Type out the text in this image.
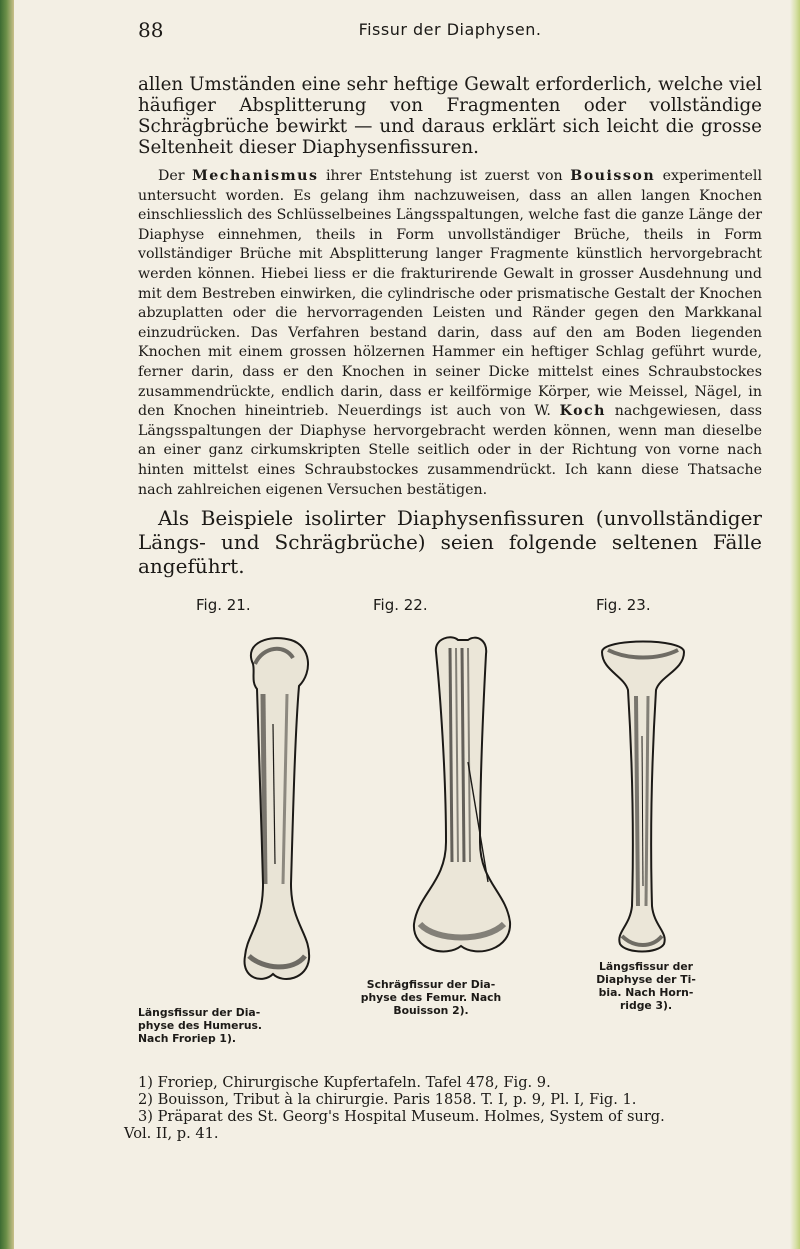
88	Fissur der Diaphysen.

allen Umständen eine sehr heftige Gewalt erforderlich, welche viel häufiger Absplitterung von Fragmenten oder vollständige Schrägbrüche bewirkt — und daraus erklärt sich leicht die grosse Seltenheit dieser Diaphysenfissuren.

Der Mechanismus ihrer Entstehung ist zuerst von Bouisson experimentell untersucht worden. Es gelang ihm nachzuweisen, dass an allen langen Knochen einschliesslich des Schlüsselbeines Längsspaltungen, welche fast die ganze Länge der Diaphyse einnehmen, theils in Form unvollständiger Brüche, theils in Form vollständiger Brüche mit Absplitterung langer Fragmente künstlich hervorgebracht werden können. Hiebei liess er die frakturirende Gewalt in grosser Ausdehnung und mit dem Bestreben einwirken, die cylindrische oder prismatische Gestalt der Knochen abzuplatten oder die hervorragenden Leisten und Ränder gegen den Markkanal einzudrücken. Das Verfahren bestand darin, dass auf den am Boden liegenden Knochen mit einem grossen hölzernen Hammer ein heftiger Schlag geführt wurde, ferner darin, dass er den Knochen in seiner Dicke mittelst eines Schraubstockes zusammendrückte, endlich darin, dass er keilförmige Körper, wie Meissel, Nägel, in den Knochen hineintrieb. Neuerdings ist auch von W. Koch nachgewiesen, dass Längsspaltungen der Diaphyse hervorgebracht werden können, wenn man dieselbe an einer ganz cirkumskripten Stelle seitlich oder in der Richtung von vorne nach hinten mittelst eines Schraubstockes zusammendrückt. Ich kann diese Thatsache nach zahlreichen eigenen Versuchen bestätigen.

Als Beispiele isolirter Diaphysenfissuren (unvollständiger Längs- und Schrägbrüche) seien folgende seltenen Fälle angeführt.

Fig. 21.
Längsfissur der Dia-
physe des Humerus.
Nach Froriep 1).
Fig. 22.
Schrägfissur der Dia-
physe des Femur. Nach
Bouisson 2).
Fig. 23.
Längsfissur der
Diaphyse der Ti-
bia. Nach Horn-
ridge 3).

1) Froriep, Chirurgische Kupfertafeln. Tafel 478, Fig. 9.

2) Bouisson, Tribut à la chirurgie. Paris 1858. T. I, p. 9, Pl. I, Fig. 1.

3) Präparat des St. Georg's Hospital Museum. Holmes, System of surg.

Vol. II, p. 41.
